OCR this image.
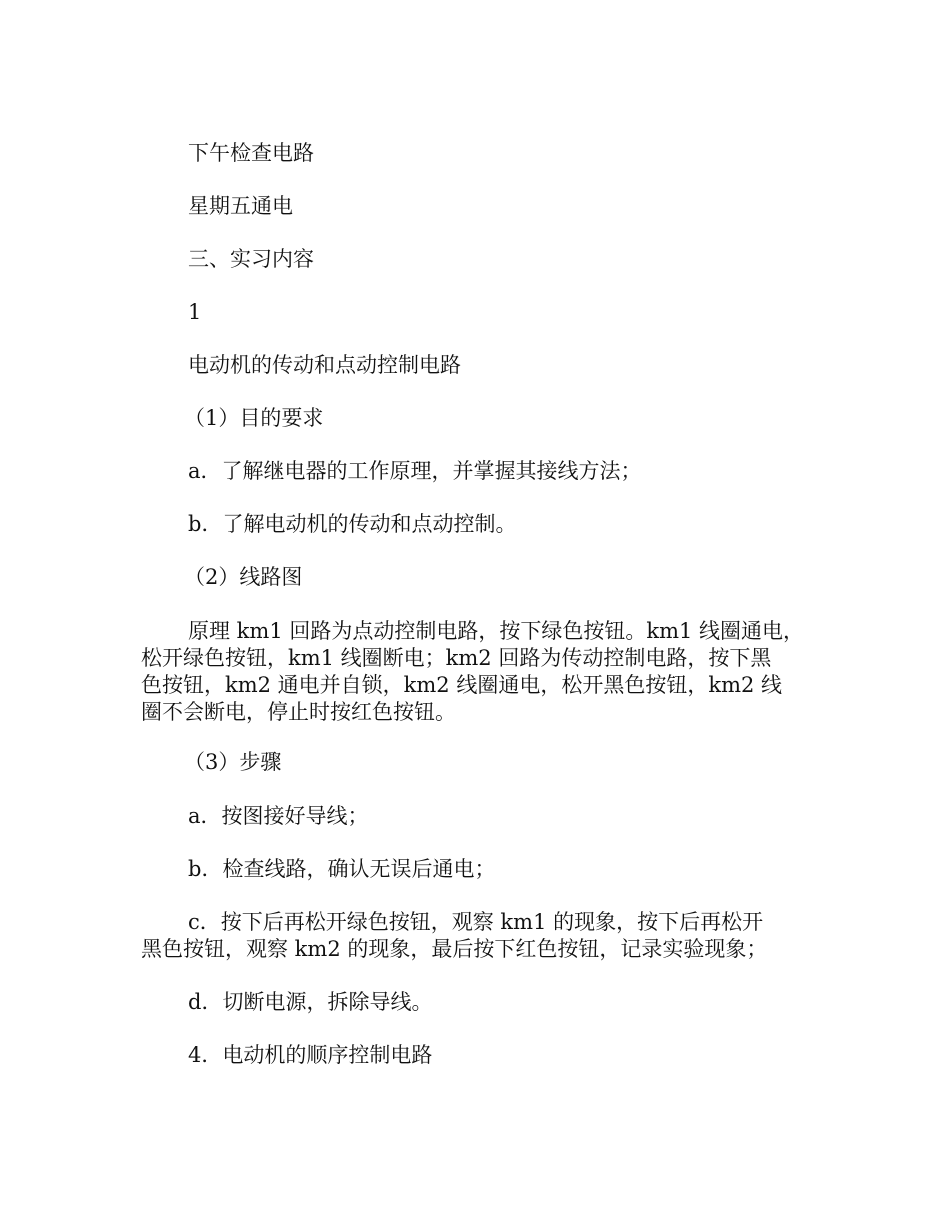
下午检查电路
星期五通电
三、实习内容
1
电动机的传动和点动控制电路
（1）目的要求
a．了解继电器的工作原理，并掌握其接线方法；
b．了解电动机的传动和点动控制。
（2）线路图
原理 km1 回路为点动控制电路，按下绿色按钮。km1 线圈通电，
松开绿色按钮，km1 线圈断电；km2 回路为传动控制电路，按下黑
色按钮，km2 通电并自锁，km2 线圈通电，松开黑色按钮，km2 线
圈不会断电，停止时按红色按钮。
（3）步骤
a．按图接好导线；
b．检查线路，确认无误后通电；
c．按下后再松开绿色按钮，观察 km1 的现象，按下后再松开
黑色按钮，观察 km2 的现象，最后按下红色按钮，记录实验现象；
d．切断电源，拆除导线。
4．电动机的顺序控制电路
